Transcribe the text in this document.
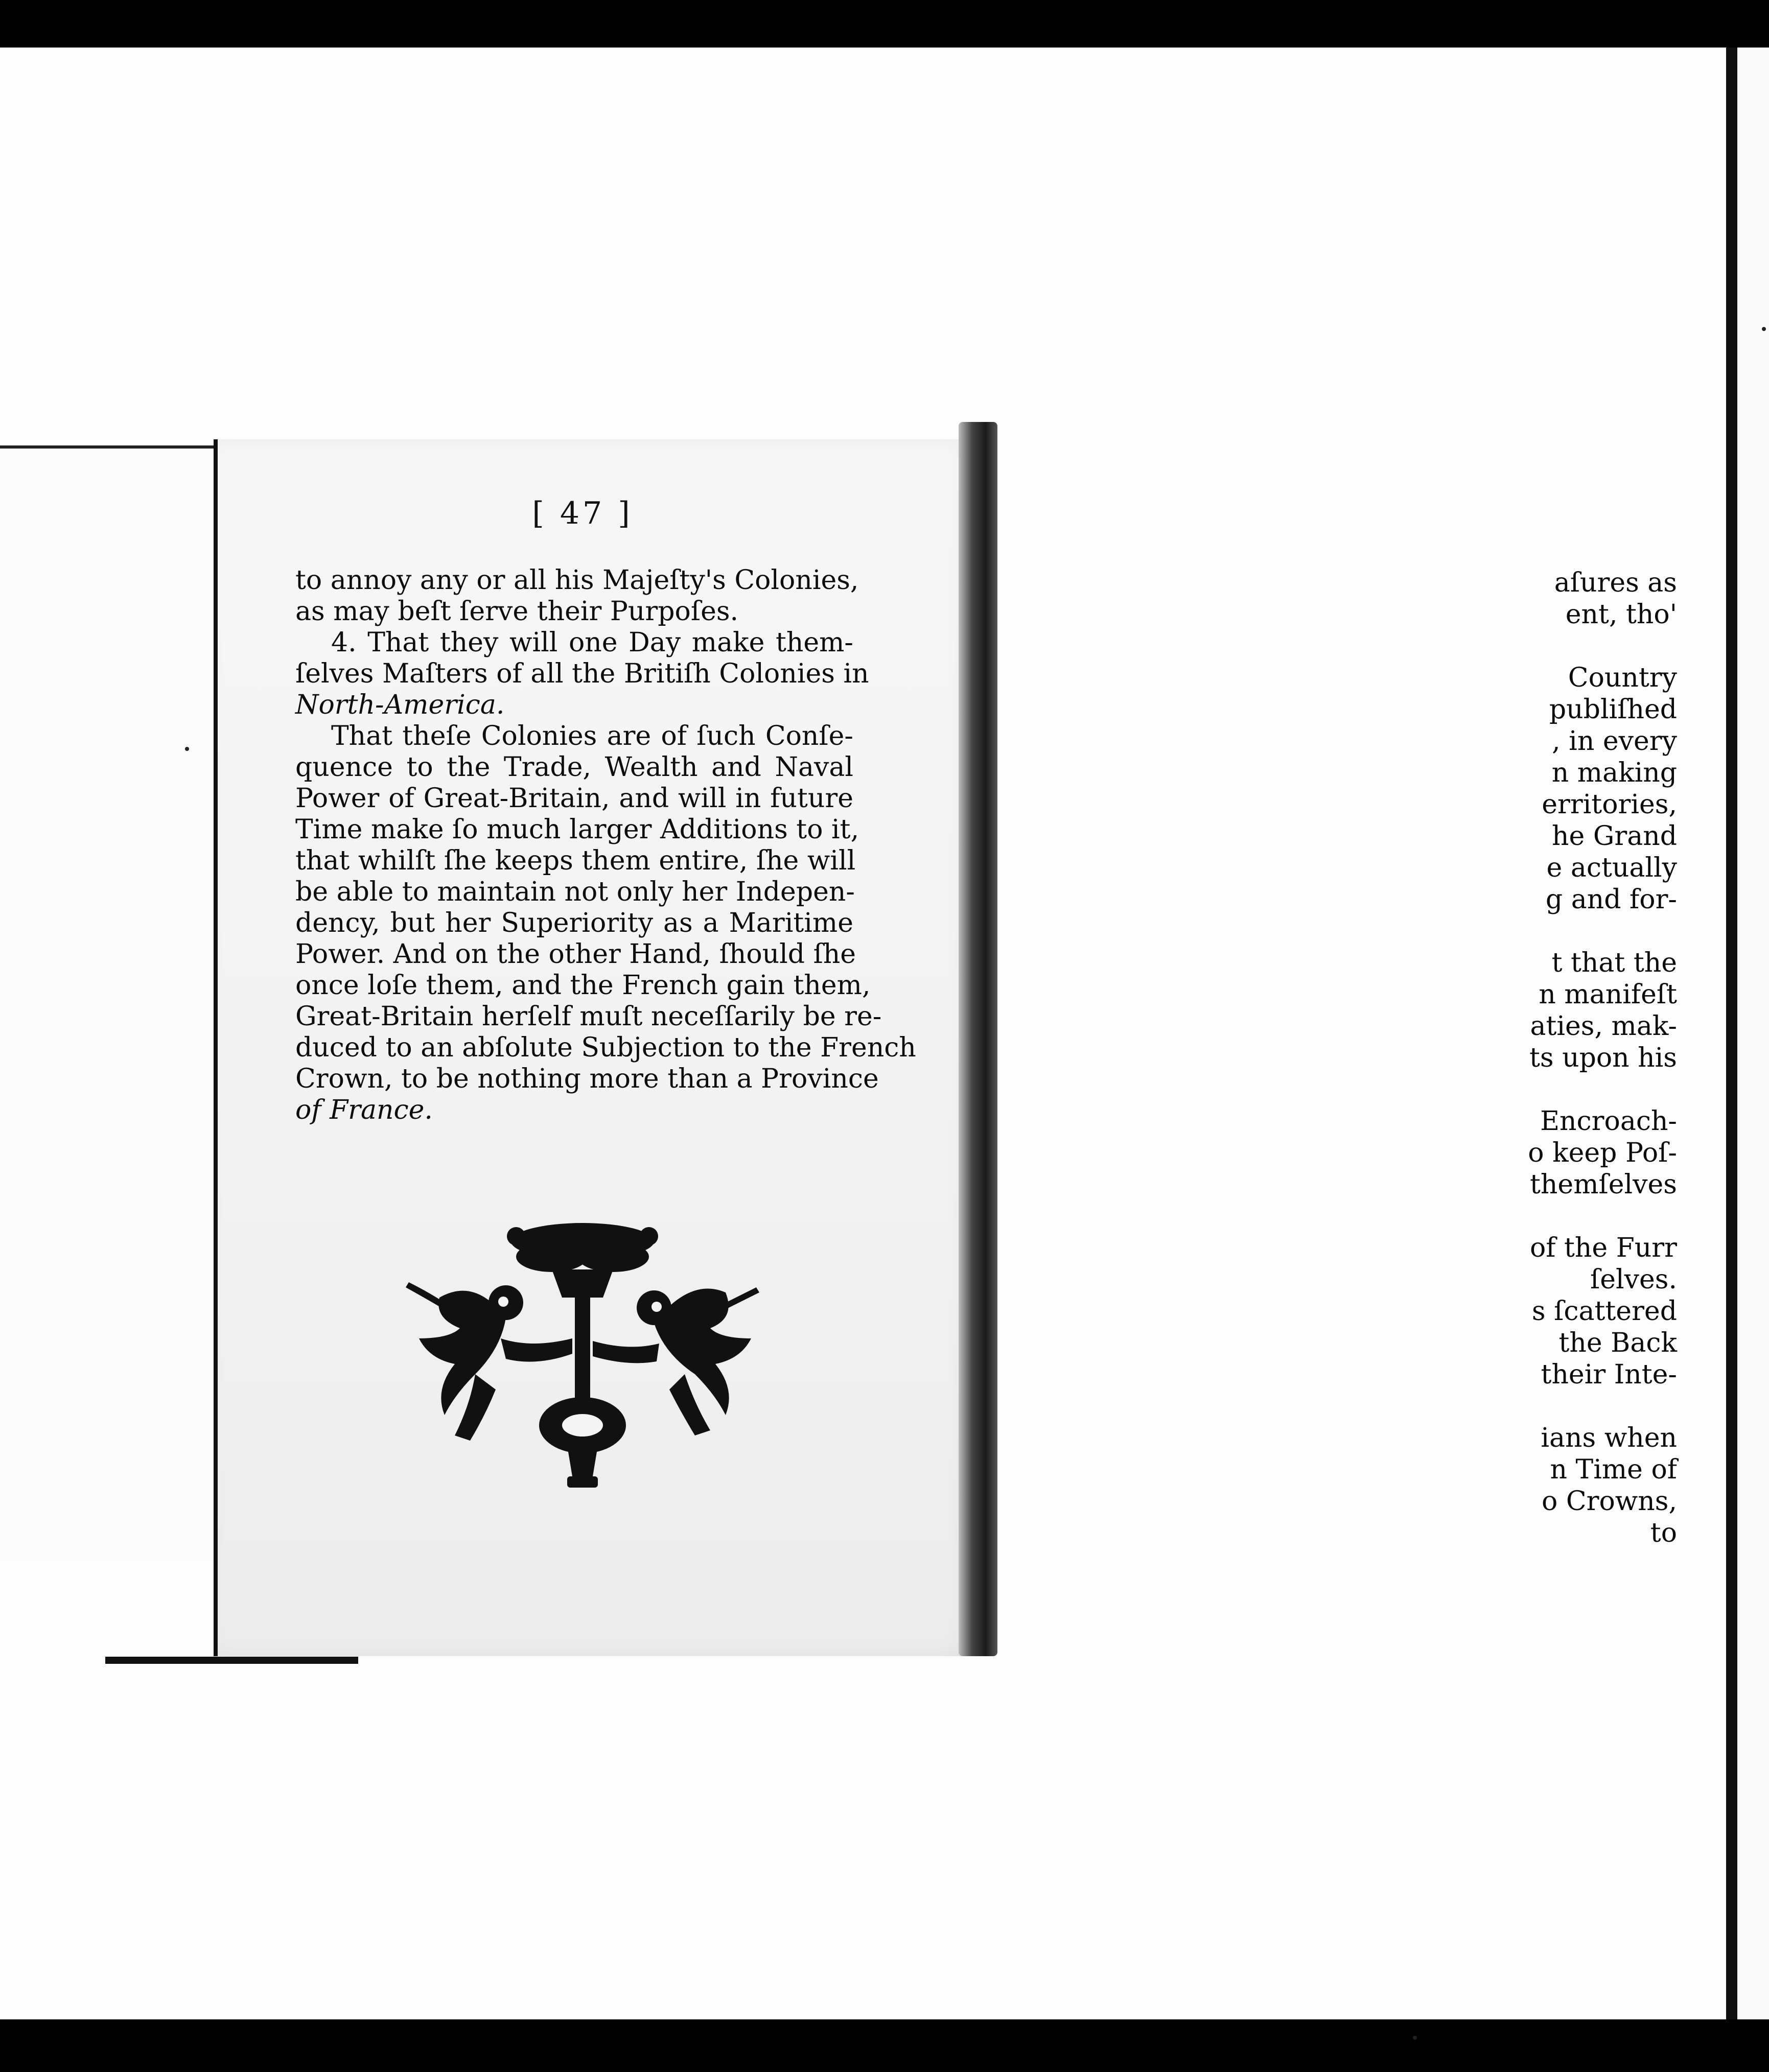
aſures as
ent, tho'
Country
publiſhed
, in every
n making
erritories,
he Grand
e actually
g and for-
t that the
n manifeſt
aties, mak-
ts upon his
Encroach-
o keep Poſ-
themſelves
of the Furr
ſelves.
s ſcattered
the Back
their Inte-
ians when
n Time of
o Crowns,
to
[ 47 ]
to annoy any or all his Majeſty's Colonies,
as may beſt ſerve their Purpoſes.
4. That they will one Day make them-
ſelves Maſters of all the Britiſh Colonies in
North-America.
That theſe Colonies are of ſuch Conſe-
quence to the Trade, Wealth and Naval
Power of Great-Britain, and will in future
Time make ſo much larger Additions to it,
that whilſt ſhe keeps them entire, ſhe will
be able to maintain not only her Indepen-
dency, but her Superiority as a Maritime
Power. And on the other Hand, ſhould ſhe
once loſe them, and the French gain them,
Great-Britain herſelf muſt neceſſarily be re-
duced to an abſolute Subjection to the French
Crown, to be nothing more than a Province
of France.
